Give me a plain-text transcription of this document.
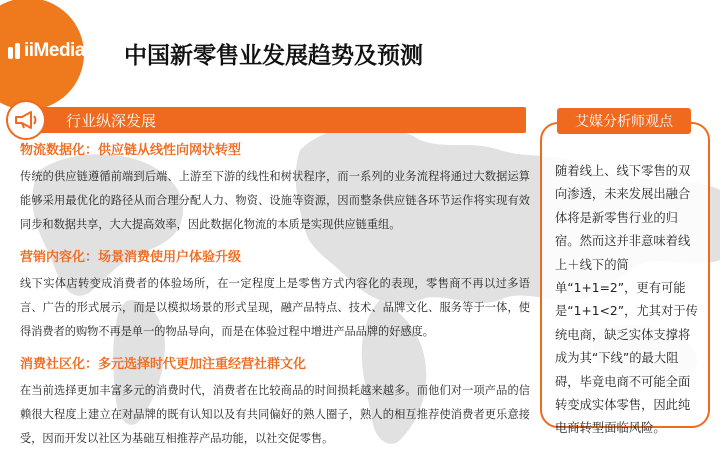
iiMedia 艾媒咨询
Research 中国新零售业发展趋势及预测
行业纵深发展
物流数据化：供应链从线性向网状转型

传统的供应链遵循前端到后端、上游至下游的线性和树状程序，而一系列的业务流程将通过大数据运算能够采用最优化的路径从而合理分配人力、物资、设施等资源，因而整条供应链各环节运作将实现有效同步和数据共享，大大提高效率，因此数据化物流的本质是实现供应链重组。

营销内容化：场景消费使用户体验升级

线下实体店转变成消费者的体验场所，在一定程度上是零售方式内容化的表现，零售商不再以过多语言、广告的形式展示，而是以模拟场景的形式呈现，融产品特点、技术、品牌文化、服务等于一体，使得消费者的购物不再是单一的物品导向，而是在体验过程中增进产品品牌的好感度。

消费社区化：多元选择时代更加注重经营社群文化

在当前选择更加丰富多元的消费时代，消费者在比较商品的时间损耗越来越多。而他们对一项产品的信赖很大程度上建立在对品牌的既有认知以及有共同偏好的熟人圈子，熟人的相互推荐使消费者更乐意接受，因而开发以社区为基础互相推荐产品功能，以社交促零售。

艾媒分析师观点
随着线上、线下零售的双向渗透，未来发展出融合体将是新零售行业的归宿。然而这并非意味着线上＋线下的简单“1+1=2”，更有可能是“1+1<2”，尤其对于传统电商，缺乏实体支撑将成为其“下线”的最大阻碍，毕竟电商不可能全面转变成实体零售，因此纯电商转型面临风险。
